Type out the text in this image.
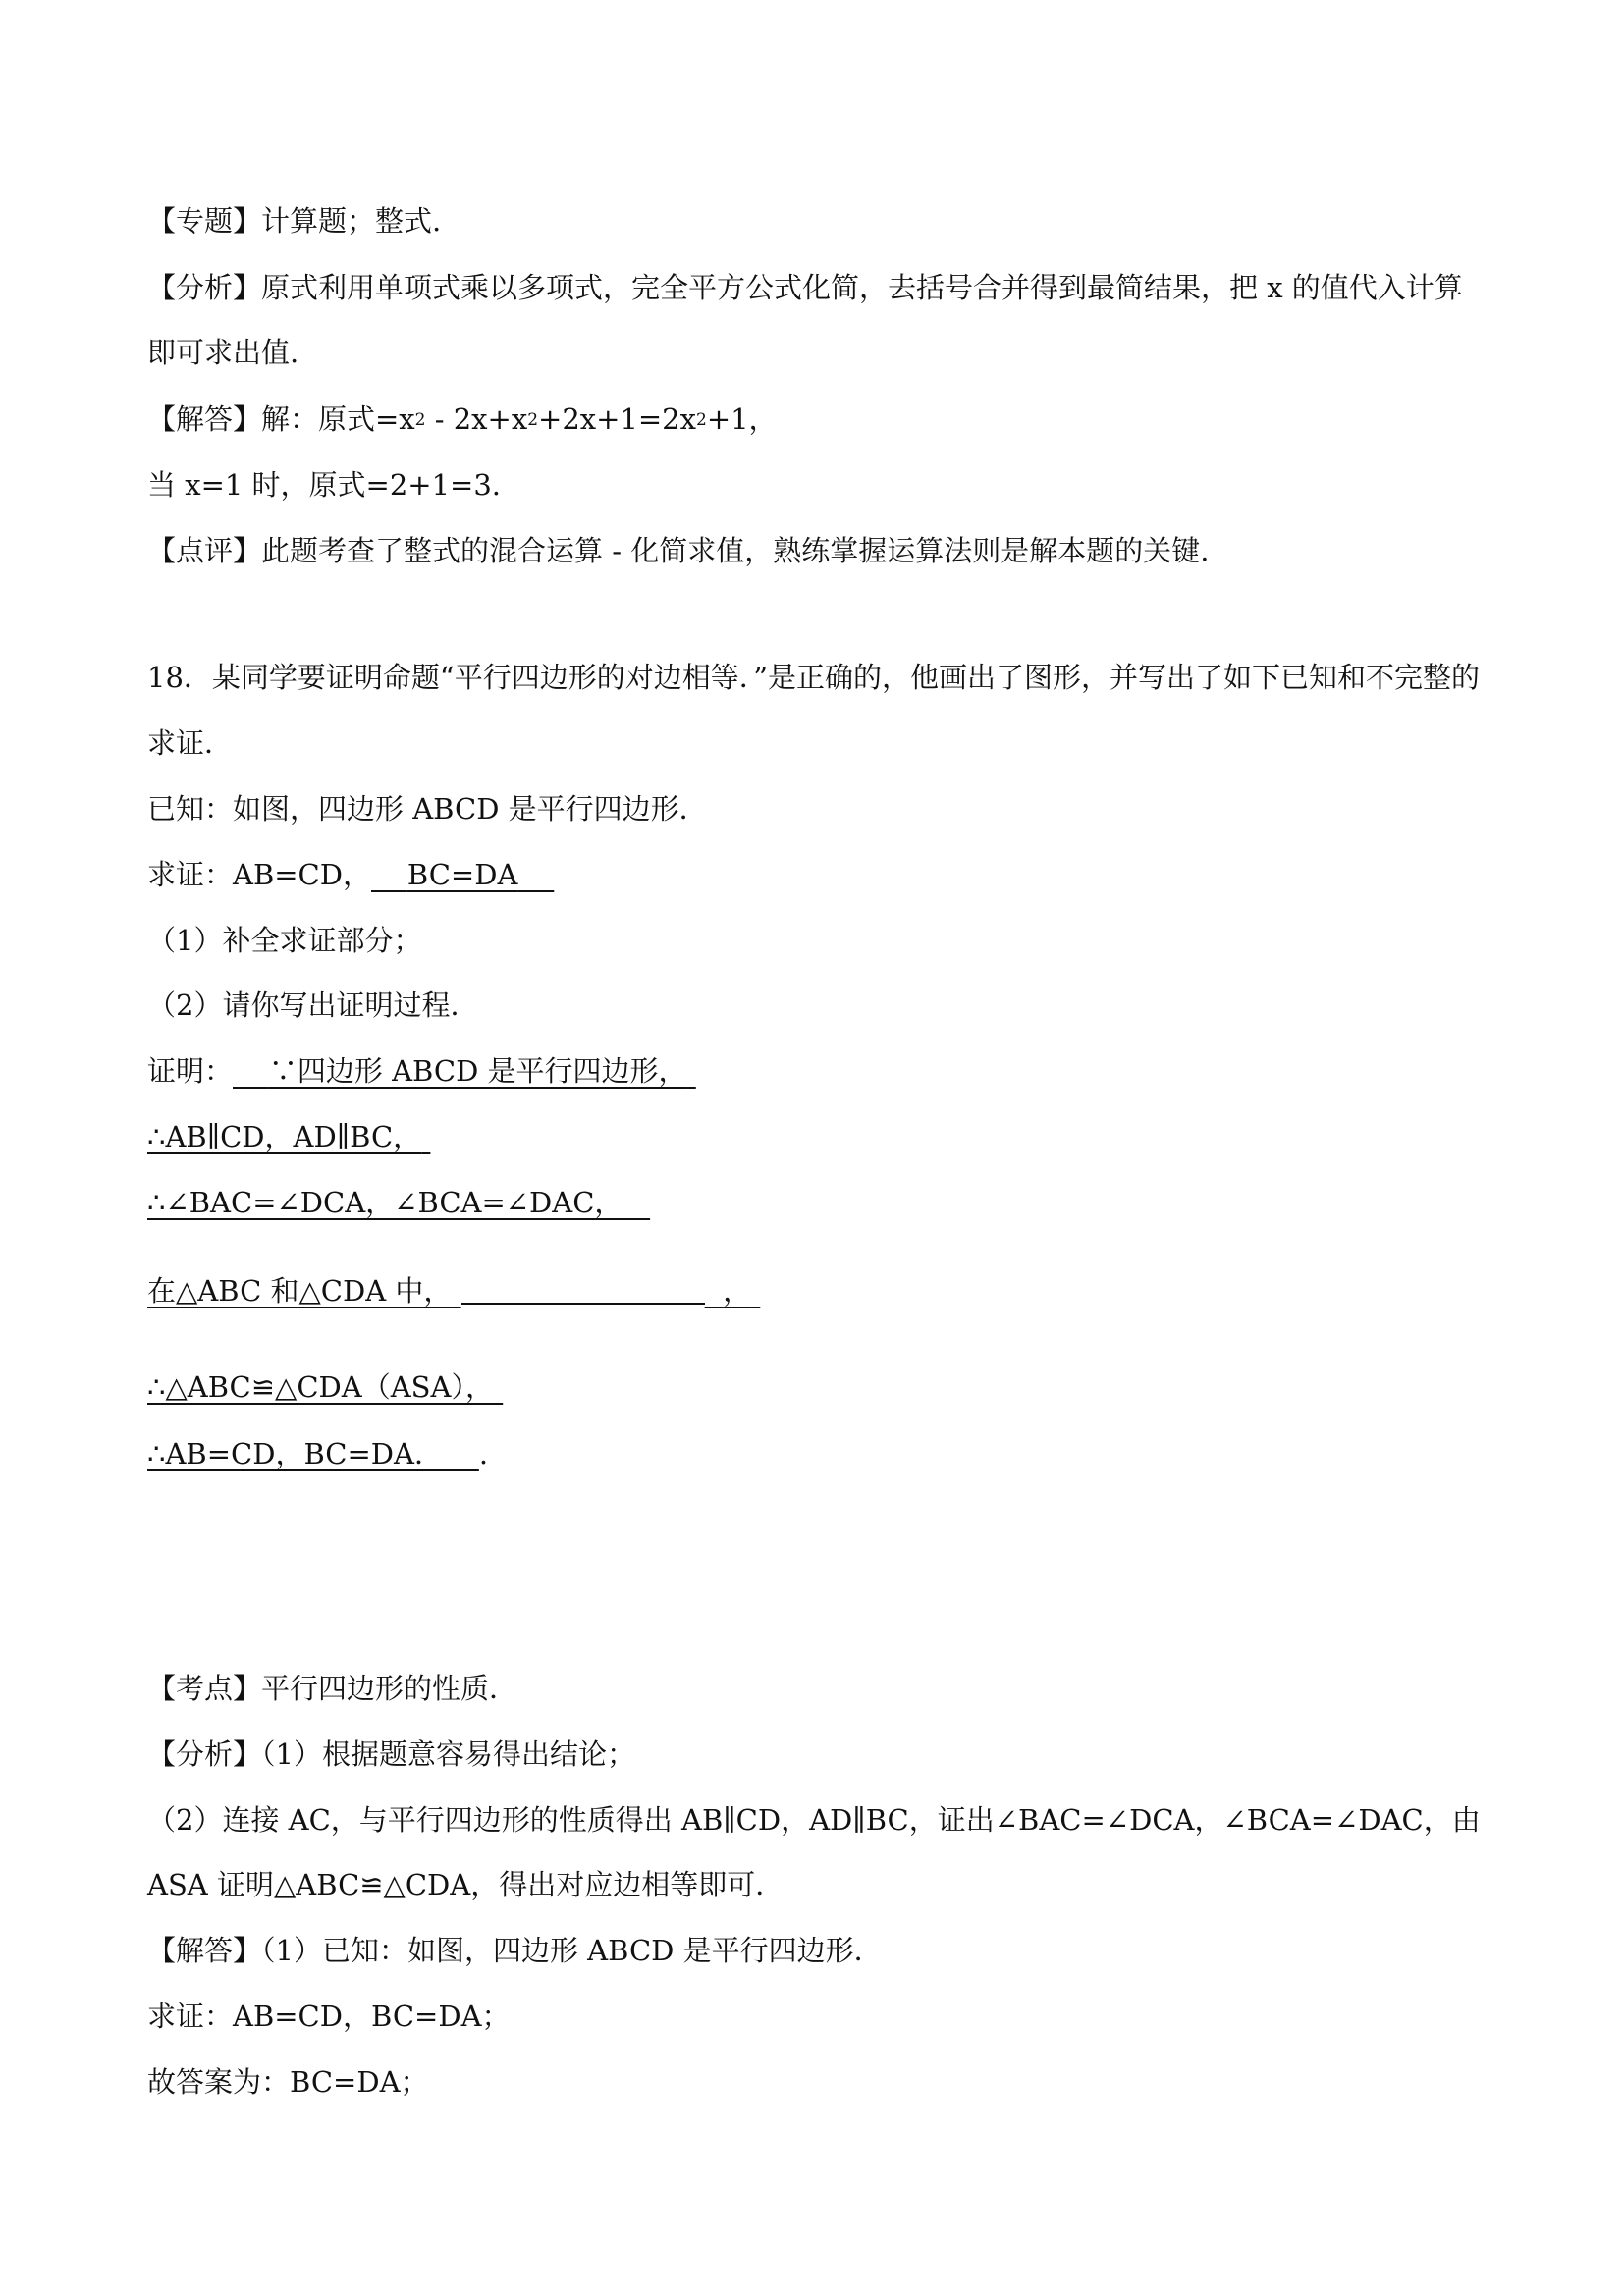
【专题】计算题；整式.
【分析】原式利用单项式乘以多项式，完全平方公式化简，去括号合并得到最简结果，把 x 的值代入计算
即可求出值.
【解答】解：原式$=x^2 - 2x+x^2+2x+1=2x^2+1$，
当 x=1 时，原式=2+1=3.
【点评】此题考查了整式的混合运算 - 化简求值，熟练掌握运算法则是解本题的关键.
18．某同学要证明命题“平行四边形的对边相等．”是正确的，他画出了图形，并写出了如下已知和不完整的
求证．
已知：如图，四边形 ABCD 是平行四边形．
求证：AB=CD， BC=DA
（1）补全求证部分；
（2）请你写出证明过程．
证明： ∵四边形 ABCD 是平行四边形，
∴AB∥CD，AD∥BC，
∴∠BAC=∠DCA，∠BCA=∠DAC，
在△ABC 和△CDA 中，	，
∴△ABC≌△CDA（ASA），
∴AB=CD，BC=DA． .
【考点】平行四边形的性质．
【分析】（1）根据题意容易得出结论；
（2）连接 AC，与平行四边形的性质得出 AB∥CD，AD∥BC，证出∠BAC=∠DCA，∠BCA=∠DAC，由
ASA 证明△ABC≌△CDA，得出对应边相等即可．
【解答】（1）已知：如图，四边形 ABCD 是平行四边形．
求证：AB=CD，BC=DA；
故答案为：BC=DA；
